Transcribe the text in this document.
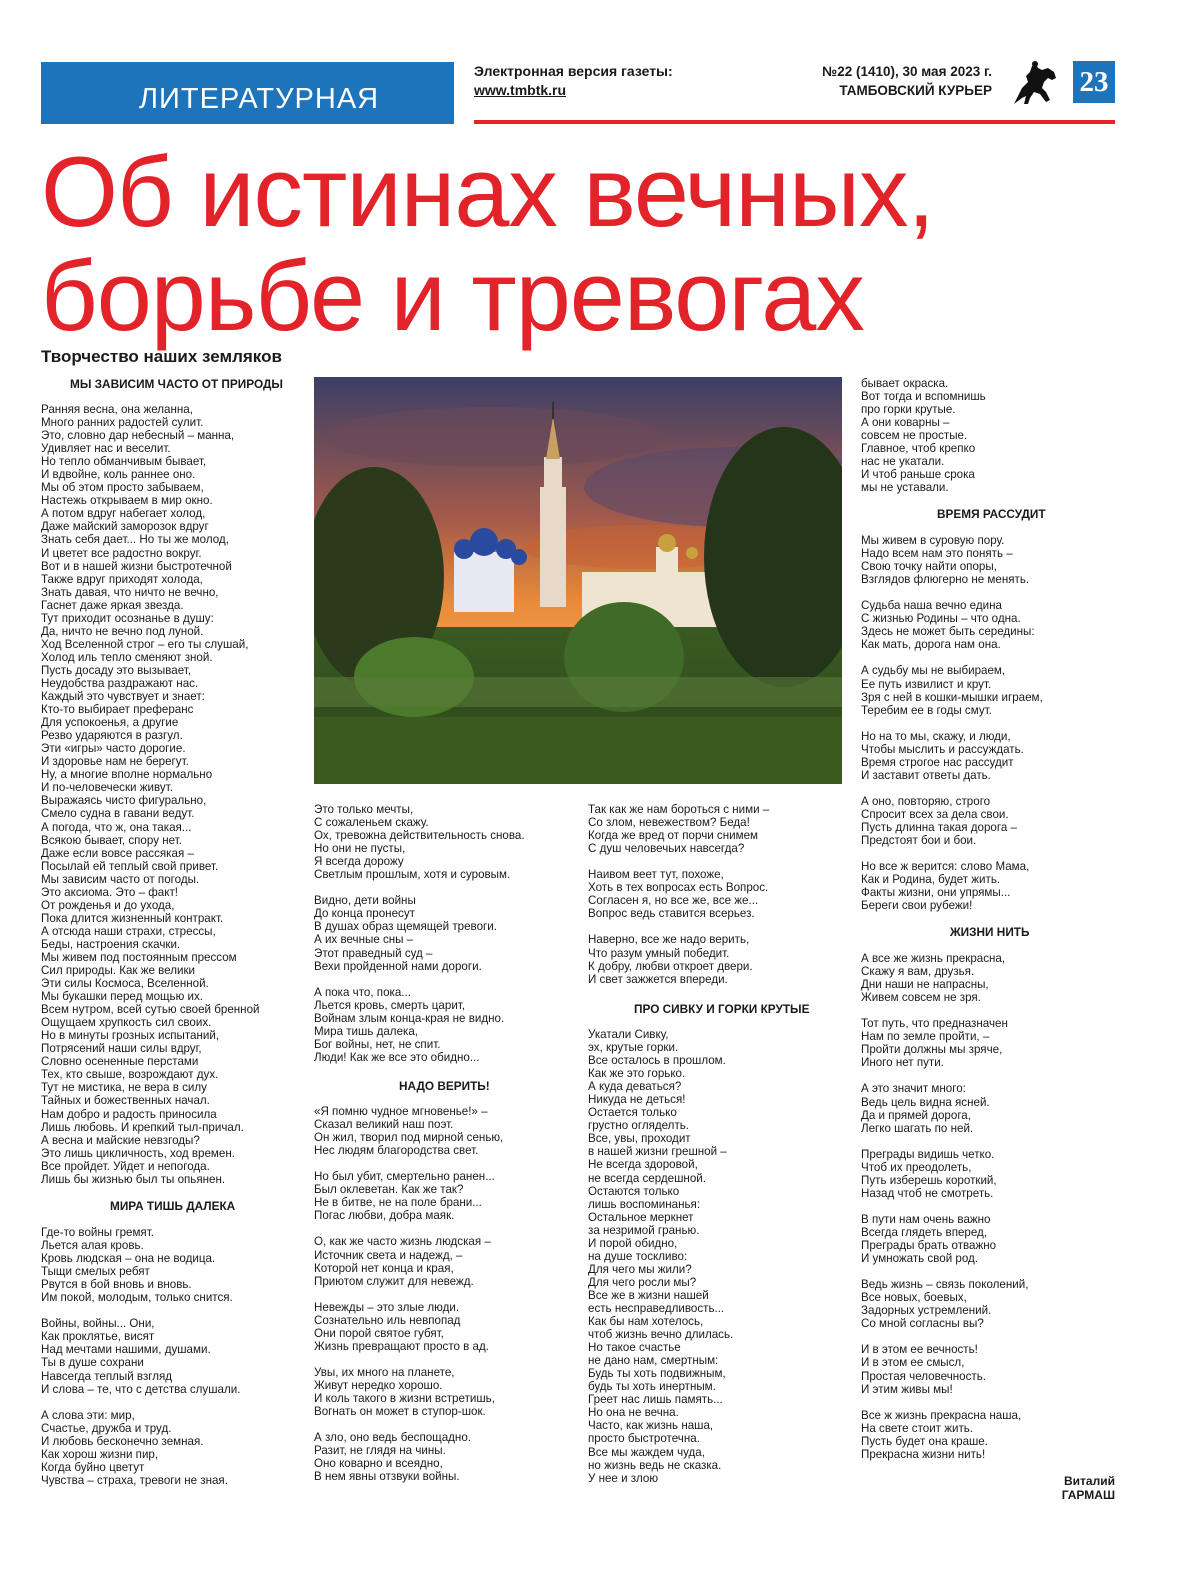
ЛИТЕРАТУРНАЯ
Электронная версия газеты:
www.tmbtk.ru
№22 (1410), 30 мая 2023 г.
ТАМБОВСКИЙ КУРЬЕР	23
Об истинах вечных,
борьбе и тревогах
Творчество наших земляков
МЫ ЗАВИСИМ ЧАСТО ОТ ПРИРОДЫ
Ранняя весна, она желанна,
Много ранних радостей сулит.
Это, словно дар небесный – манна,
Удивляет нас и веселит.
Но тепло обманчивым бывает,
И вдвойне, коль раннее оно.
Мы об этом просто забываем,
Настежь открываем в мир окно.
А потом вдруг набегает холод,
Даже майский заморозок вдруг
Знать себя дает... Но ты же молод,
И цветет все радостно вокруг.
Вот и в нашей жизни быстротечной
Также вдруг приходят холода,
Знать давая, что ничто не вечно,
Гаснет даже яркая звезда.
Тут приходит осознанье в душу:
Да, ничто не вечно под луной.
Ход Вселенной строг – его ты слушай,
Холод иль тепло сменяют зной.
Пусть досаду это вызывает,
Неудобства раздражают нас.
Каждый это чувствует и знает:
Кто-то выбирает преферанс
Для успокоенья, а другие
Резво ударяются в разгул.
Эти «игры» часто дорогие.
И здоровье нам не берегут.
Ну, а многие вполне нормально
И по-человечески живут.
Выражаясь чисто фигурально,
Смело судна в гавани ведут.
А погода, что ж, она такая...
Всякою бывает, спору нет.
Даже если вовсе рассякая –
Посылай ей теплый свой привет.
Мы зависим часто от погоды.
Это аксиома. Это – факт!
От рожденья и до ухода,
Пока длится жизненный контракт.
А отсюда наши страхи, стрессы,
Беды, настроения скачки.
Мы живем под постоянным прессом
Сил природы. Как же велики
Эти силы Космоса, Вселенной.
Мы букашки перед мощью их.
Всем нутром, всей сутью своей бренной
Ощущаем хрупкость сил своих.
Но в минуты грозных испытаний,
Потрясений наши силы вдруг,
Словно осененные перстами
Тех, кто свыше, возрождают дух.
Тут не мистика, не вера в силу
Тайных и божественных начал.
Нам добро и радость приносила
Лишь любовь. И крепкий тыл-причал.
А весна и майские невзгоды?
Это лишь цикличность, ход времен.
Все пройдет. Уйдет и непогода.
Лишь бы жизнью был ты опьянен.
МИРА ТИШЬ ДАЛЕКА
Где-то войны гремят.
Льется алая кровь.
Кровь людская – она не водица.
Тыщи смелых ребят
Рвутся в бой вновь и вновь.
Им покой, молодым, только снится.

Войны, войны... Они,
Как проклятье, висят
Над мечтами нашими, душами.
Ты в душе сохрани
Навсегда теплый взгляд
И слова – те, что с детства слушали.

А слова эти: мир,
Счастье, дружба и труд.
И любовь бесконечно земная.
Как хорош жизни пир,
Когда буйно цветут
Чувства – страха, тревоги не зная.
Это только мечты,
С сожаленьем скажу.
Ох, тревожна действительность снова.
Но они не пусты,
Я всегда дорожу
Светлым прошлым, хотя и суровым.

Видно, дети войны
До конца пронесут
В душах образ щемящей тревоги.
А их вечные сны –
Этот праведный суд –
Вехи пройденной нами дороги.

А пока что, пока...
Льется кровь, смерть царит,
Войнам злым конца-края не видно.
Мира тишь далека,
Бог войны, нет, не спит.
Люди! Как же все это обидно...
НАДО ВЕРИТЬ!
«Я помню чудное мгновенье!» –
Сказал великий наш поэт.
Он жил, творил под мирной сенью,
Нес людям благородства свет.

Но был убит, смертельно ранен...
Был оклеветан. Как же так?
Не в битве, не на поле брани...
Погас любви, добра маяк.

О, как же часто жизнь людская –
Источник света и надежд, –
Которой нет конца и края,
Приютом служит для невежд.

Невежды – это злые люди.
Сознательно иль невпопад
Они порой святое губят,
Жизнь превращают просто в ад.

Увы, их много на планете,
Живут нередко хорошо.
И коль такого в жизни встретишь,
Вогнать он может в ступор-шок.

А зло, оно ведь беспощадно.
Разит, не глядя на чины.
Оно коварно и всеядно,
В нем явны отзвуки войны.
Так как же нам бороться с ними –
Со злом, невежеством? Беда!
Когда же вред от порчи снимем
С душ человечьих навсегда?

Наивом веет тут, похоже,
Хоть в тех вопросах есть Вопрос.
Согласен я, но все же, все же...
Вопрос ведь ставится всерьез.

Наверно, все же надо верить,
Что разум умный победит.
К добру, любви откроет двери.
И свет зажжется впереди.
ПРО СИВКУ И ГОРКИ КРУТЫЕ
Укатали Сивку,
эх, крутые горки.
Все осталось в прошлом.
Как же это горько.
А куда деваться?
Никуда не деться!
Остается только
грустно огляделть.
Все, увы, проходит
в нашей жизни грешной –
Не всегда здоровой,
не всегда сердешной.
Остаются только
лишь воспоминанья:
Остальное меркнет
за незримой гранью.
И порой обидно,
на душе тоскливо:
Для чего мы жили?
Для чего росли мы?
Все же в жизни нашей
есть несправедливость...
Как бы нам хотелось,
чтоб жизнь вечно длилась.
Но такое счастье
не дано нам, смертным:
Будь ты хоть подвижным,
будь ты хоть инертным.
Греет нас лишь память...
Но она не вечна.
Часто, как жизнь наша,
просто быстротечна.
Все мы жаждем чуда,
но жизнь ведь не сказка.
У нее и злою
бывает окраска.
Вот тогда и вспомнишь
про горки крутые.
А они коварны –
совсем не простые.
Главное, чтоб крепко
нас не укатали.
И чтоб раньше срока
мы не уставали.
ВРЕМЯ РАССУДИТ
Мы живем в суровую пору.
Надо всем нам это понять –
Свою точку найти опоры,
Взглядов флюгерно не менять.

Судьба наша вечно едина
С жизнью Родины – что одна.
Здесь не может быть середины:
Как мать, дорога нам она.

А судьбу мы не выбираем,
Ее путь извилист и крут.
Зря с ней в кошки-мышки играем,
Теребим ее в годы смут.

Но на то мы, скажу, и люди,
Чтобы мыслить и рассуждать.
Время строгое нас рассудит
И заставит ответы дать.

А оно, повторяю, строго
Спросит всех за дела свои.
Пусть длинна такая дорога –
Предстоят бои и бои.

Но все ж верится: слово Мама,
Как и Родина, будет жить.
Факты жизни, они упрямы...
Береги свои рубежи!
ЖИЗНИ НИТЬ
А все же жизнь прекрасна,
Скажу я вам, друзья.
Дни наши не напрасны,
Живем совсем не зря.

Тот путь, что предназначен
Нам по земле пройти, –
Пройти должны мы зряче,
Иного нет пути.

А это значит много:
Ведь цель видна ясней.
Да и прямей дорога,
Легко шагать по ней.

Преграды видишь четко.
Чтоб их преодолеть,
Путь изберешь короткий,
Назад чтоб не смотреть.

В пути нам очень важно
Всегда глядеть вперед,
Преграды брать отважно
И умножать свой род.

Ведь жизнь – связь поколений,
Все новых, боевых,
Задорных устремлений.
Со мной согласны вы?

И в этом ее вечность!
И в этом ее смысл,
Простая человечность.
И этим живы мы!

Все ж жизнь прекрасна наша,
На свете стоит жить.
Пусть будет она краше.
Прекрасна жизни нить!
Виталий ГАРМАШ
